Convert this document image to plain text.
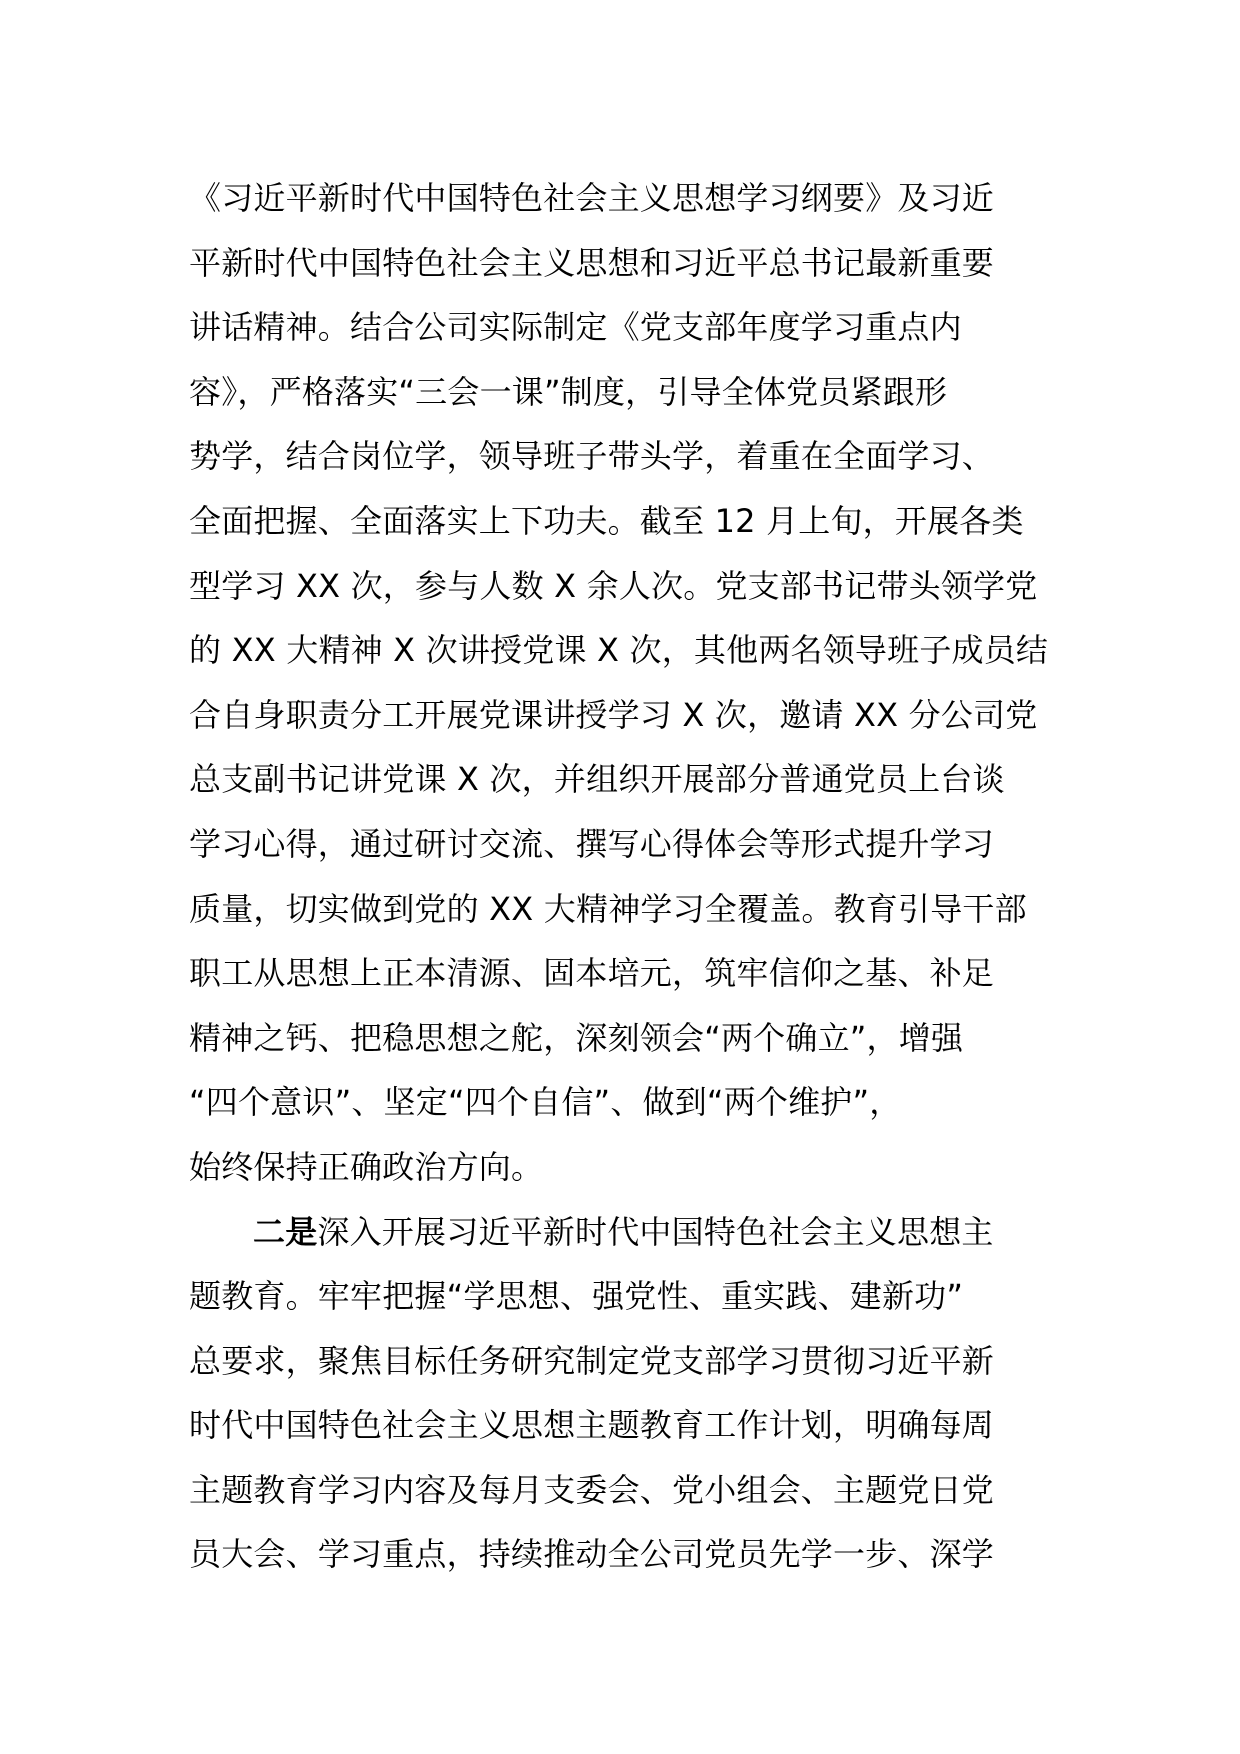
《习近平新时代中国特色社会主义思想学习纲要》及习近
平新时代中国特色社会主义思想和习近平总书记最新重要
讲话精神。结合公司实际制定《党支部年度学习重点内
容》，严格落实“三会一课”制度，引导全体党员紧跟形
势学，结合岗位学，领导班子带头学，着重在全面学习、
全面把握、全面落实上下功夫。截至 12 月上旬，开展各类
型学习 XX 次，参与人数 X 余人次。党支部书记带头领学党
的 XX 大精神 X 次讲授党课 X 次，其他两名领导班子成员结
合自身职责分工开展党课讲授学习 X 次，邀请 XX 分公司党
总支副书记讲党课 X 次，并组织开展部分普通党员上台谈
学习心得，通过研讨交流、撰写心得体会等形式提升学习
质量，切实做到党的 XX 大精神学习全覆盖。教育引导干部
职工从思想上正本清源、固本培元，筑牢信仰之基、补足
精神之钙、把稳思想之舵，深刻领会“两个确立”，增强
“四个意识”、坚定“四个自信”、做到“两个维护”，
始终保持正确政治方向。
二是深入开展习近平新时代中国特色社会主义思想主
题教育。牢牢把握“学思想、强党性、重实践、建新功”
总要求，聚焦目标任务研究制定党支部学习贯彻习近平新
时代中国特色社会主义思想主题教育工作计划，明确每周
主题教育学习内容及每月支委会、党小组会、主题党日党
员大会、学习重点，持续推动全公司党员先学一步、深学
